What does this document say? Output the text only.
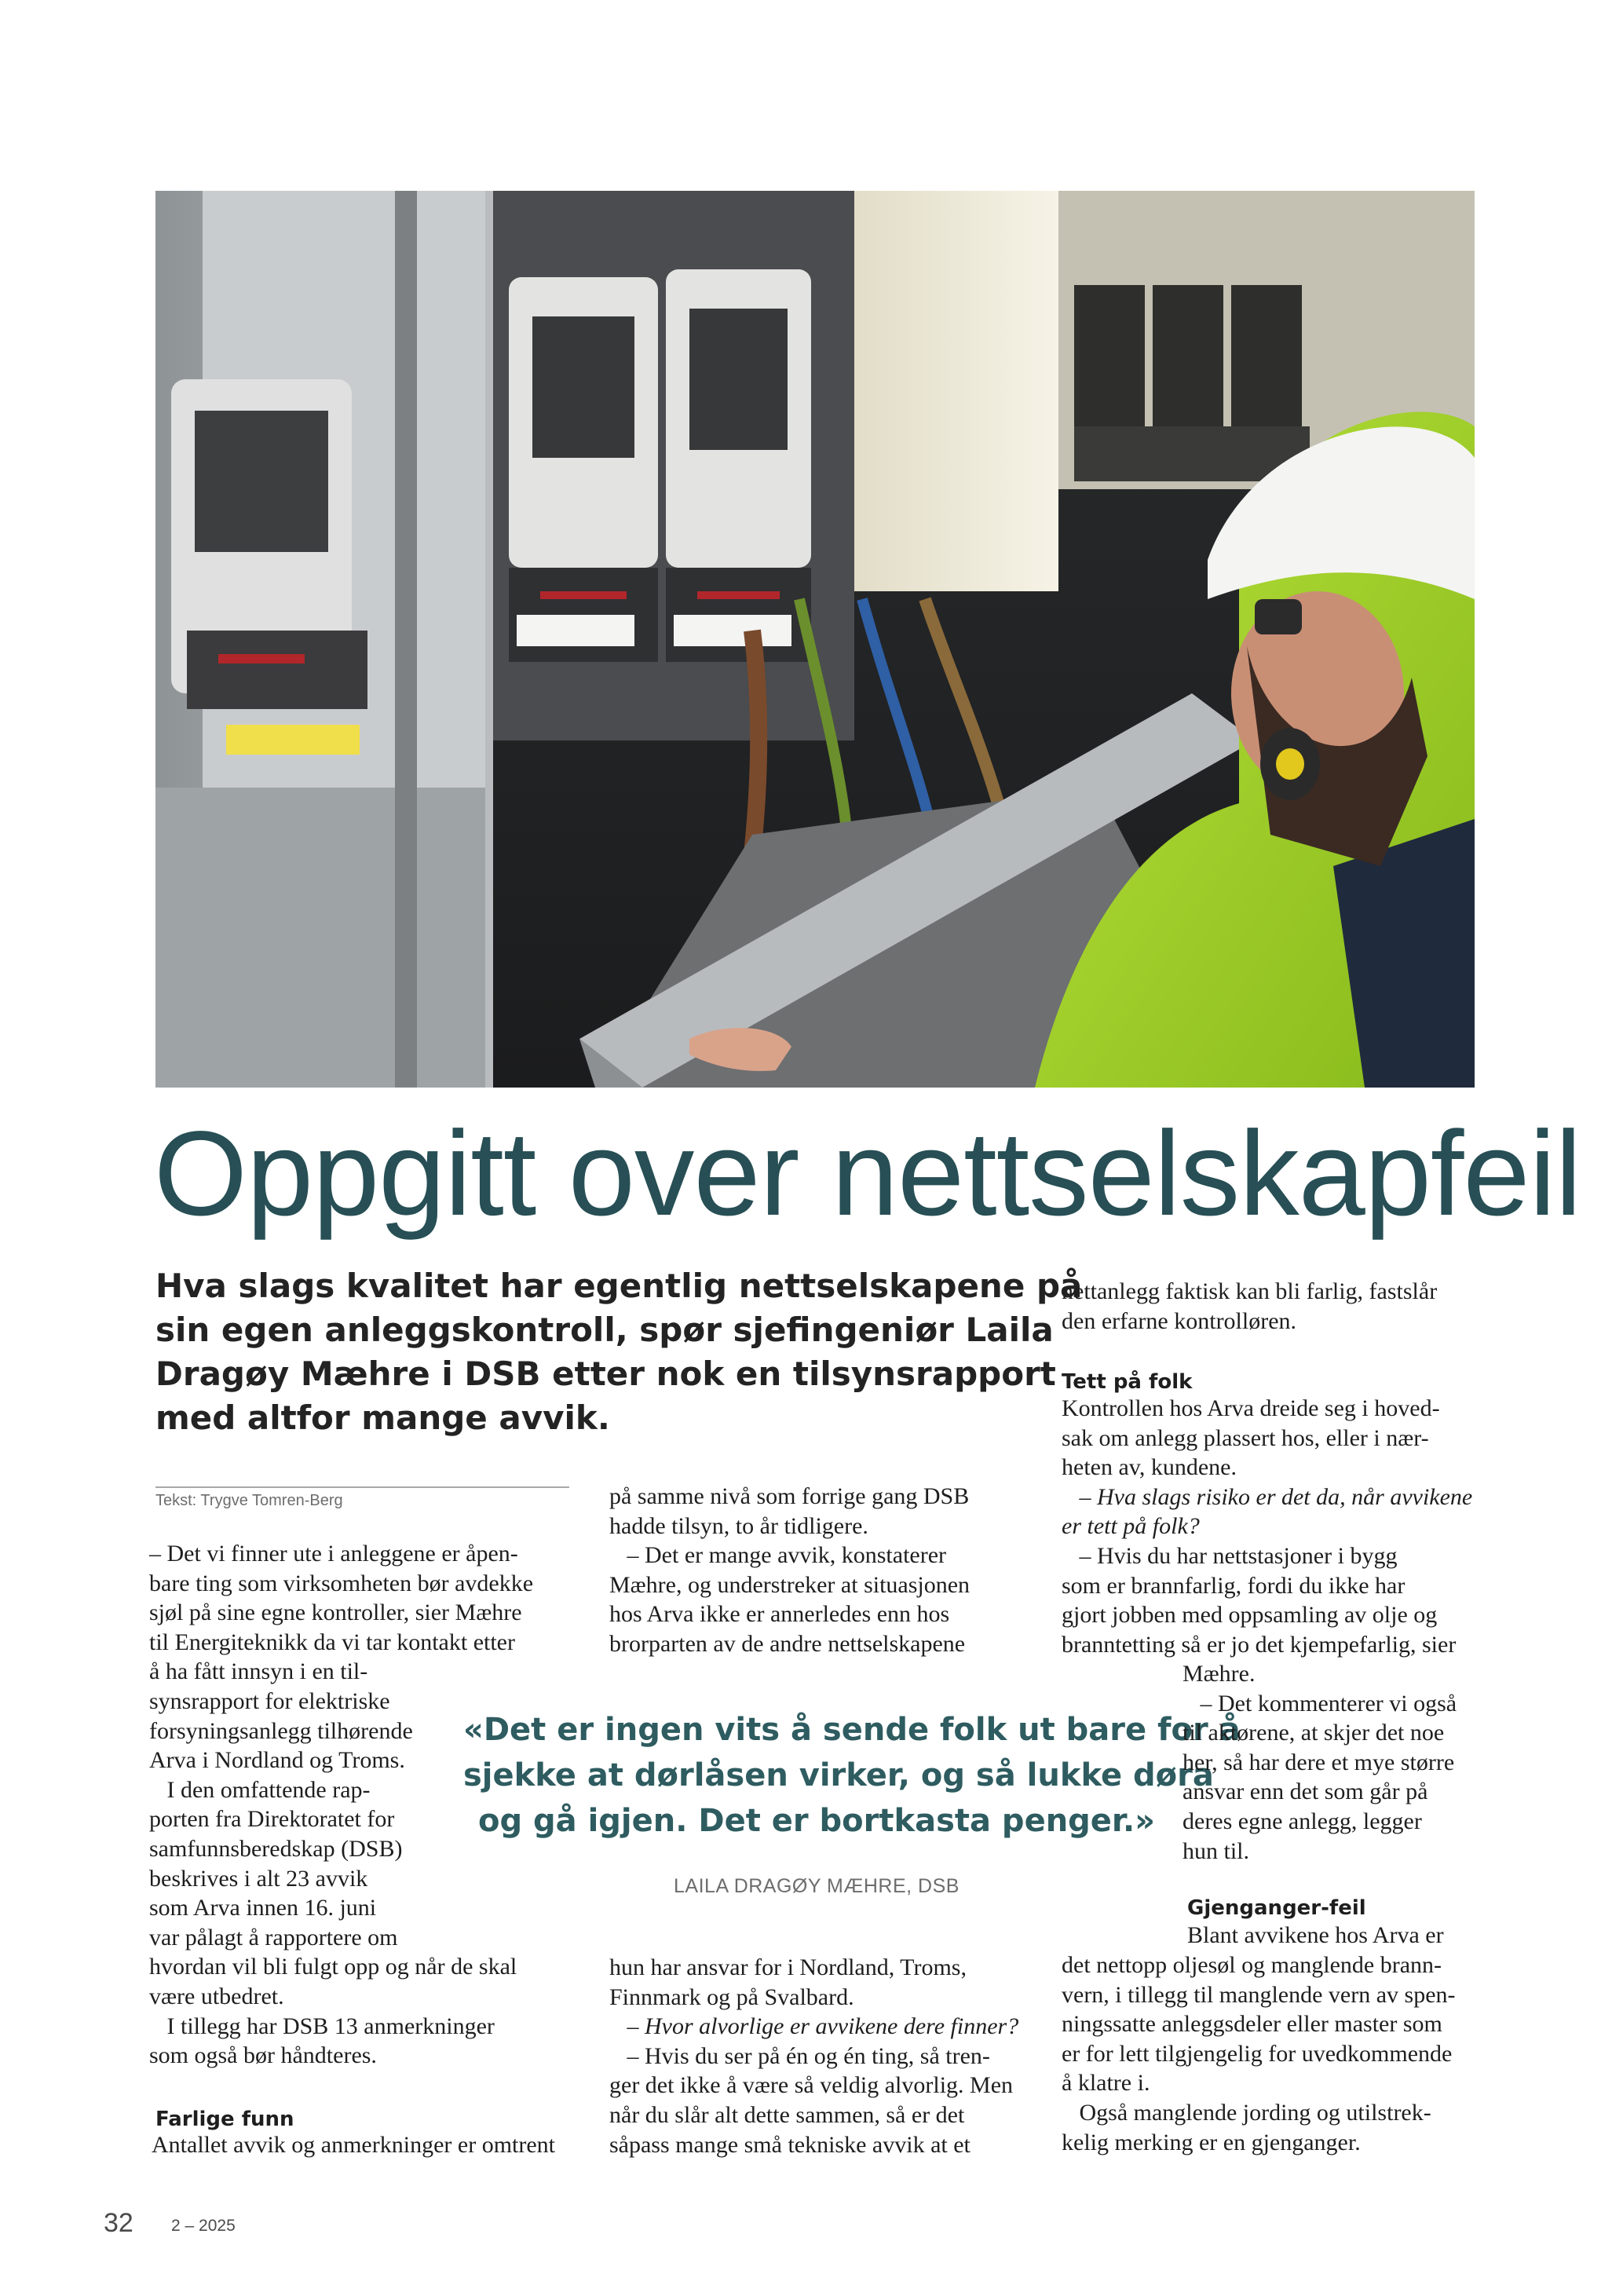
Oppgitt over nettselskapfeil
Hva slags kvalitet har egentlig nettselskapene på
sin egen anleggskontroll, spør sjefingeniør Laila
Dragøy Mæhre i DSB etter nok en tilsynsrapport
med altfor mange avvik.
Tekst: Trygve Tomren-Berg
– Det vi finner ute i anleggene er åpen-
bare ting som virksomheten bør avdekke
sjøl på sine egne kontroller, sier Mæhre
til Energiteknikk da vi tar kontakt etter
å ha fått innsyn i en til-
synsrapport for elektriske
forsyningsanlegg tilhørende
Arva i Nordland og Troms.
I den omfattende rap-
porten fra Direktoratet for
samfunnsberedskap (DSB)
beskrives i alt 23 avvik
som Arva innen 16. juni
var pålagt å rapportere om
hvordan vil bli fulgt opp og når de skal
være utbedret.
I tillegg har DSB 13 anmerkninger
som også bør håndteres.
Farlige funn
Antallet avvik og anmerkninger er omtrent
på samme nivå som forrige gang DSB
hadde tilsyn, to år tidligere.
– Det er mange avvik, konstaterer
Mæhre, og understreker at situasjonen
hos Arva ikke er annerledes enn hos
brorparten av de andre nettselskapene
«Det er ingen vits å sende folk ut bare for å
sjekke at dørlåsen virker, og så lukke døra
og gå igjen. Det er bortkasta penger.»
LAILA DRAGØY MÆHRE, DSB
hun har ansvar for i Nordland, Troms,
Finnmark og på Svalbard.
– Hvor alvorlige er avvikene dere finner?
– Hvis du ser på én og én ting, så tren-
ger det ikke å være så veldig alvorlig. Men
når du slår alt dette sammen, så er det
såpass mange små tekniske avvik at et
nettanlegg faktisk kan bli farlig, fastslår
den erfarne kontrolløren.
Tett på folk
Kontrollen hos Arva dreide seg i hoved-
sak om anlegg plassert hos, eller i nær-
heten av, kundene.
– Hva slags risiko er det da, når avvikene
er tett på folk?
– Hvis du har nettstasjoner i bygg
som er brannfarlig, fordi du ikke har
gjort jobben med oppsamling av olje og
branntetting så er jo det kjempefarlig, sier
Mæhre.
– Det kommenterer vi også
til aktørene, at skjer det noe
her, så har dere et mye større
ansvar enn det som går på
deres egne anlegg, legger
hun til.
Gjenganger-feil
Blant avvikene hos Arva er
det nettopp oljesøl og manglende brann-
vern, i tillegg til manglende vern av spen-
ningssatte anleggsdeler eller master som
er for lett tilgjengelig for uvedkommende
å klatre i.
Også manglende jording og utilstrek-
kelig merking er en gjenganger.
32 2 – 2025
